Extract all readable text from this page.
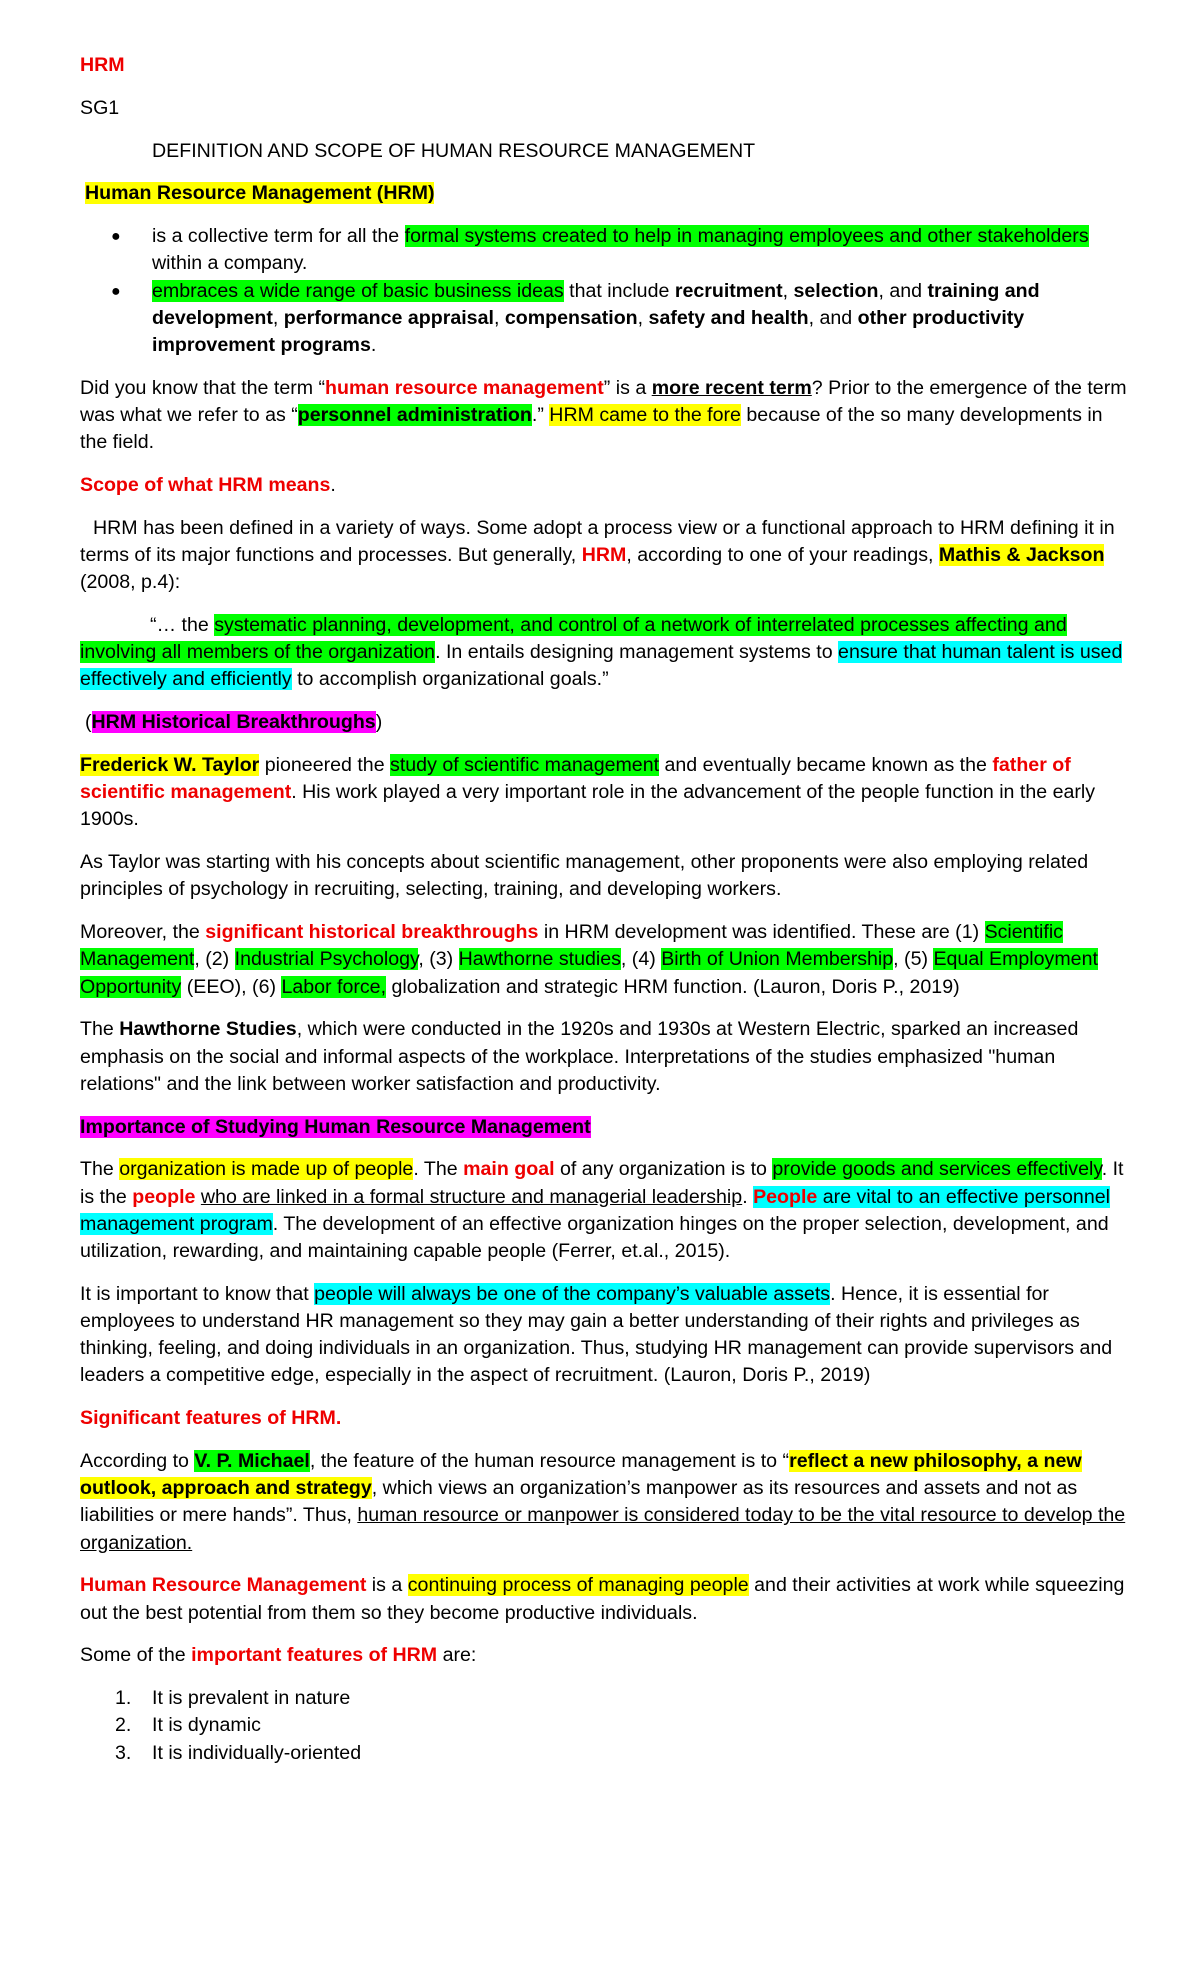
HRM

SG1

DEFINITION AND SCOPE OF HUMAN RESOURCE MANAGEMENT

Human Resource Management (HRM)

● is a collective term for all the formal systems created to help in managing employees and other stakeholders within a company.
● embraces a wide range of basic business ideas that include recruitment, selection, and training and development, performance appraisal, compensation, safety and health, and other productivity improvement programs.

Did you know that the term “human resource management” is a more recent term? Prior to the emergence of the term was what we refer to as “personnel administration.” HRM came to the fore because of the so many developments in the field.

Scope of what HRM means.

HRM has been defined in a variety of ways. Some adopt a process view or a functional approach to HRM defining it in terms of its major functions and processes. But generally, HRM, according to one of your readings, Mathis & Jackson (2008, p.4):

“… the systematic planning, development, and control of a network of interrelated processes affecting and involving all members of the organization. In entails designing management systems to ensure that human talent is used effectively and efficiently to accomplish organizational goals.”

(HRM Historical Breakthroughs)

Frederick W. Taylor pioneered the study of scientific management and eventually became known as the father of scientific management. His work played a very important role in the advancement of the people function in the early 1900s.

As Taylor was starting with his concepts about scientific management, other proponents were also employing related principles of psychology in recruiting, selecting, training, and developing workers.

Moreover, the significant historical breakthroughs in HRM development was identified. These are (1) Scientific Management, (2) Industrial Psychology, (3) Hawthorne studies, (4) Birth of Union Membership, (5) Equal Employment Opportunity (EEO), (6) Labor force, globalization and strategic HRM function. (Lauron, Doris P., 2019)

The Hawthorne Studies, which were conducted in the 1920s and 1930s at Western Electric, sparked an increased emphasis on the social and informal aspects of the workplace. Interpretations of the studies emphasized "human relations" and the link between worker satisfaction and productivity.

Importance of Studying Human Resource Management

The organization is made up of people. The main goal of any organization is to provide goods and services effectively. It is the people who are linked in a formal structure and managerial leadership. People are vital to an effective personnel management program. The development of an effective organization hinges on the proper selection, development, and utilization, rewarding, and maintaining capable people (Ferrer, et.al., 2015).

It is important to know that people will always be one of the company’s valuable assets. Hence, it is essential for employees to understand HR management so they may gain a better understanding of their rights and privileges as thinking, feeling, and doing individuals in an organization. Thus, studying HR management can provide supervisors and leaders a competitive edge, especially in the aspect of recruitment. (Lauron, Doris P., 2019)

Significant features of HRM.

According to V. P. Michael, the feature of the human resource management is to “reflect a new philosophy, a new outlook, approach and strategy, which views an organization’s manpower as its resources and assets and not as liabilities or mere hands”. Thus, human resource or manpower is considered today to be the vital resource to develop the organization.

Human Resource Management is a continuing process of managing people and their activities at work while squeezing out the best potential from them so they become productive individuals.

Some of the important features of HRM are:

1. It is prevalent in nature
2. It is dynamic
3. It is individually-oriented
